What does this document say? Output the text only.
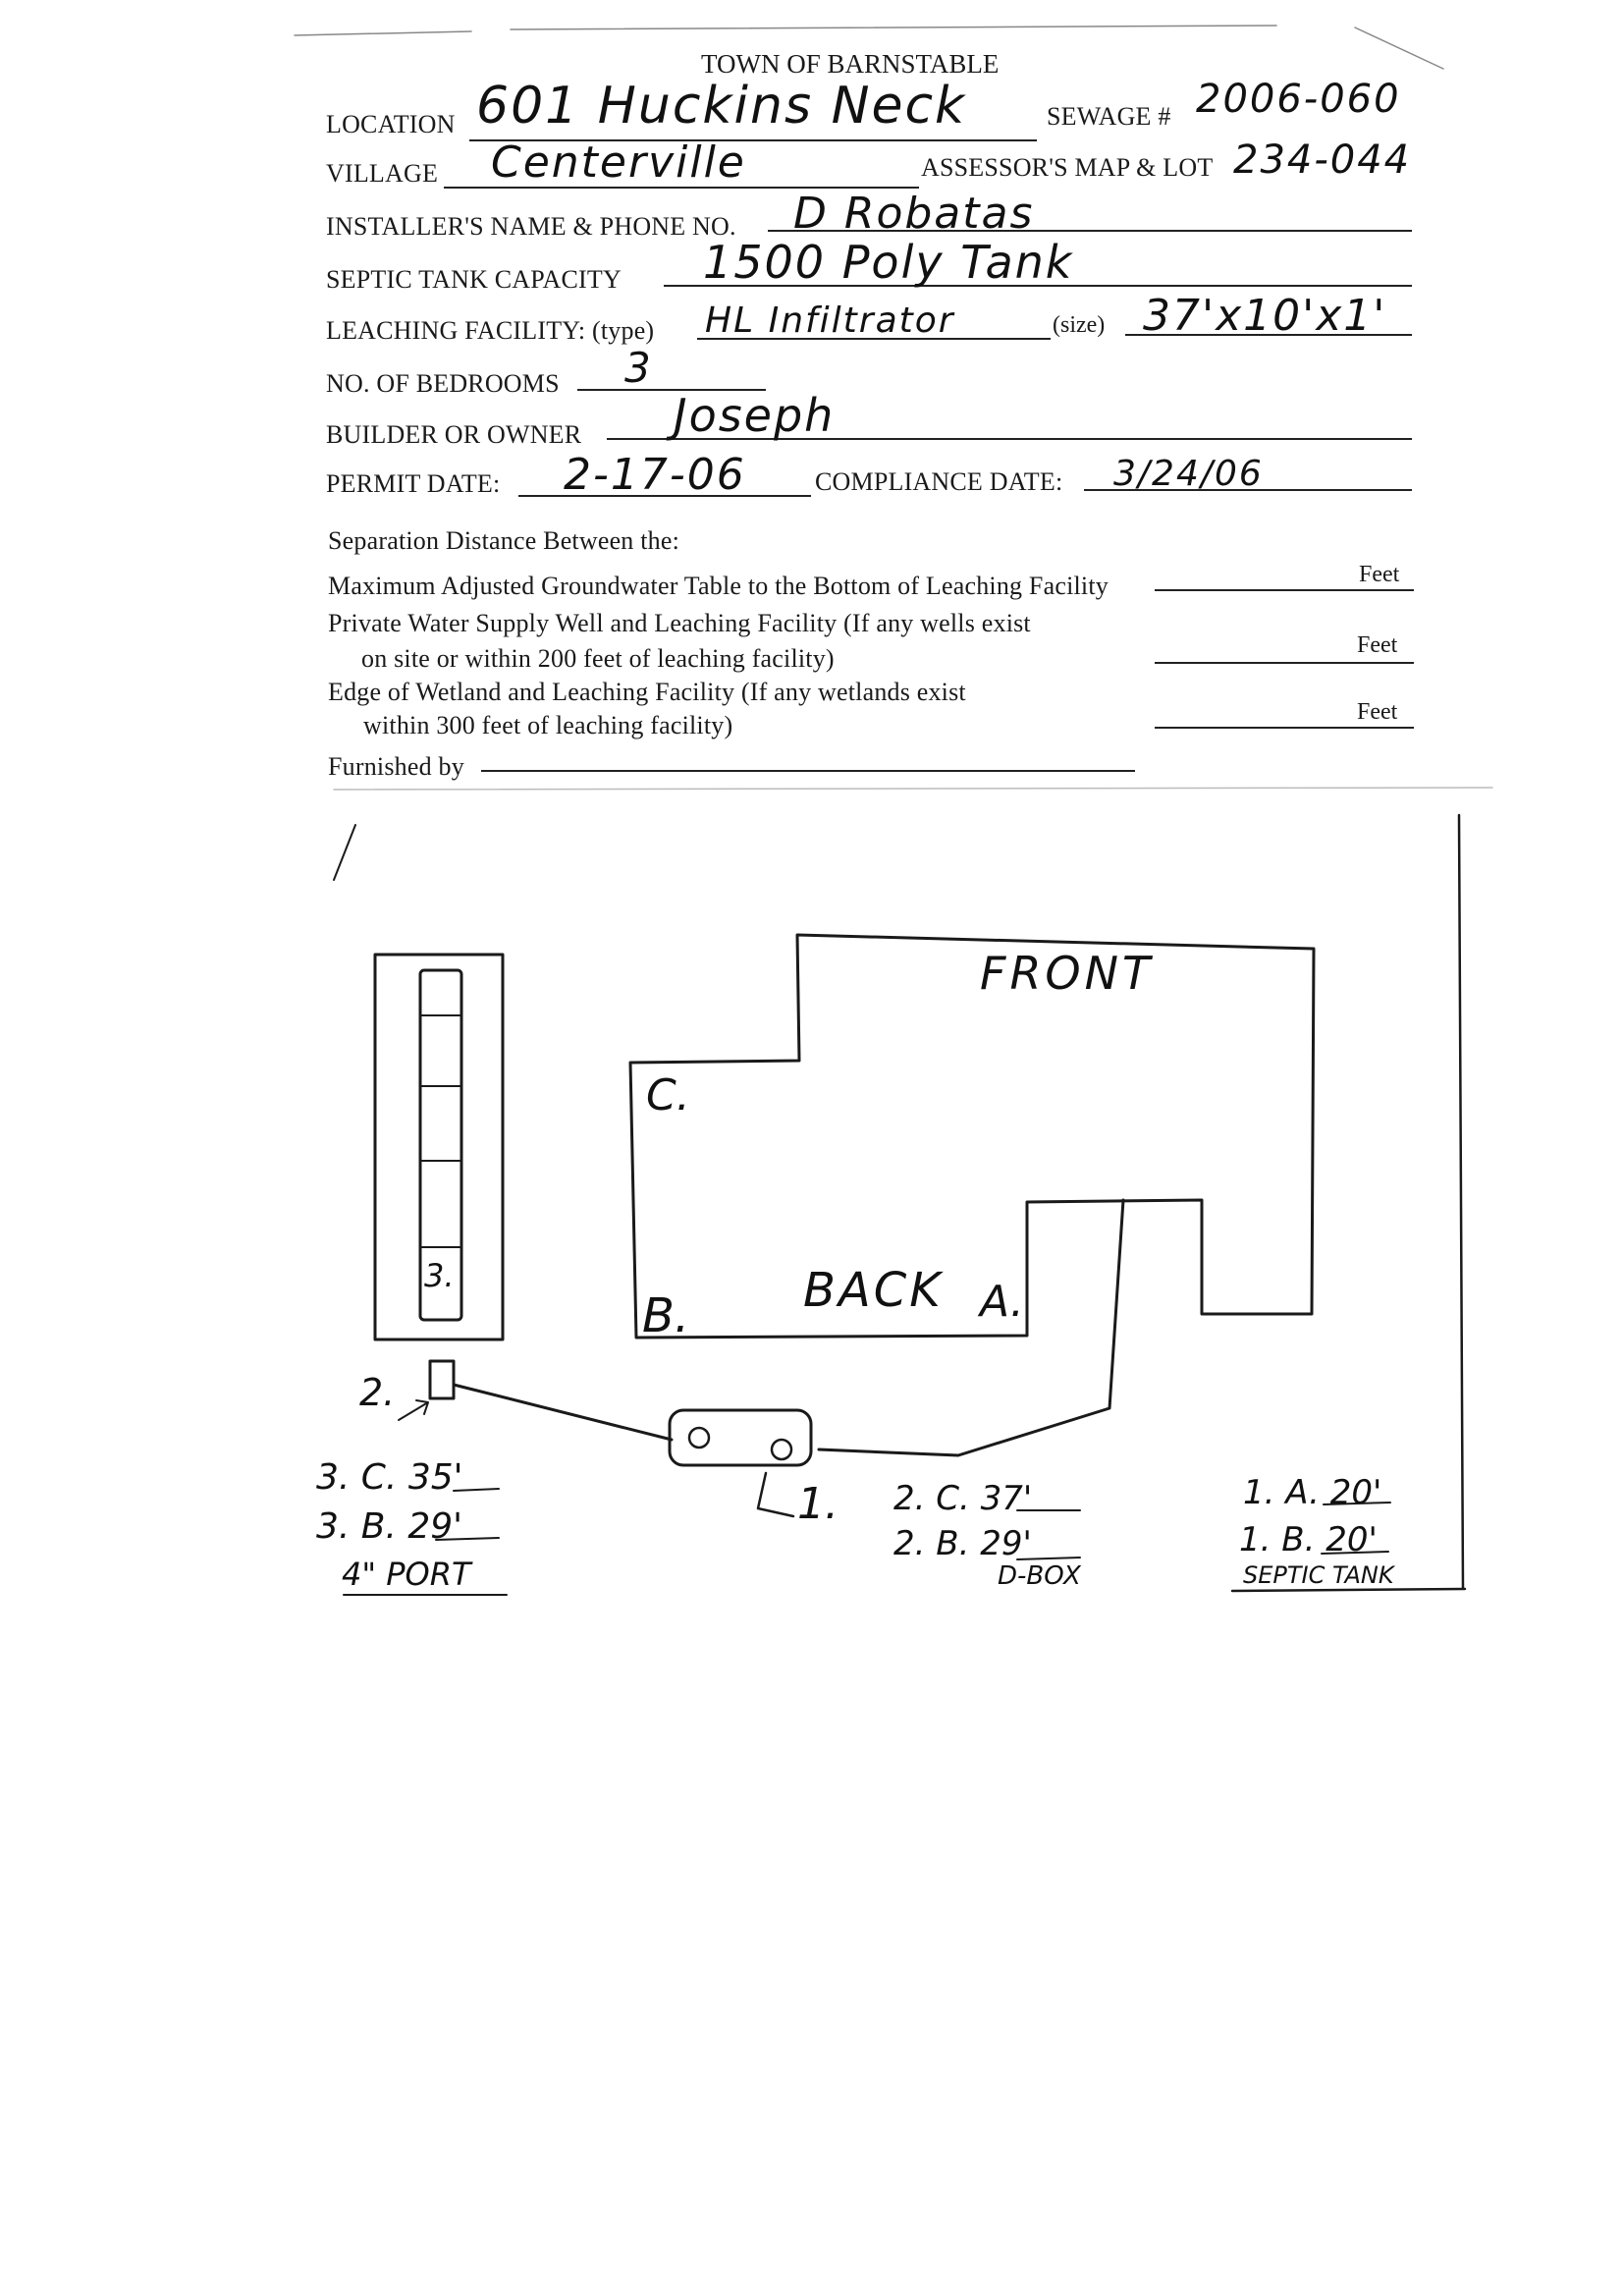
TOWN OF BARNSTABLE
LOCATION 601 Huckins Neck	SEWAGE # 2006-060
VILLAGE Centerville	ASSESSOR'S MAP & LOT 234-044
INSTALLER'S NAME & PHONE NO. D Robatas
SEPTIC TANK CAPACITY 1500 Poly Tank
LEACHING FACILITY: (type) HL Infiltrator	(size) 37'x10'x1'
NO. OF BEDROOMS 3
BUILDER OR OWNER Joseph
PERMIT DATE: 2-17-06	COMPLIANCE DATE: 3/24/06
Separation Distance Between the:
Maximum Adjusted Groundwater Table to the Bottom of Leaching Facility	Feet
Private Water Supply Well and Leaching Facility (If any wells exist
on site or within 200 feet of leaching facility)	Feet
Edge of Wetland and Leaching Facility (If any wetlands exist
within 300 feet of leaching facility)	Feet
Furnished by
FRONT
BACK A.
B.
C.
3.
2.
1.
3. C. 35'
3. B. 29'
4" PORT
2. C. 37'
2. B. 29'
D-BOX
1. A. 20'
1. B. 20'
SEPTIC TANK
